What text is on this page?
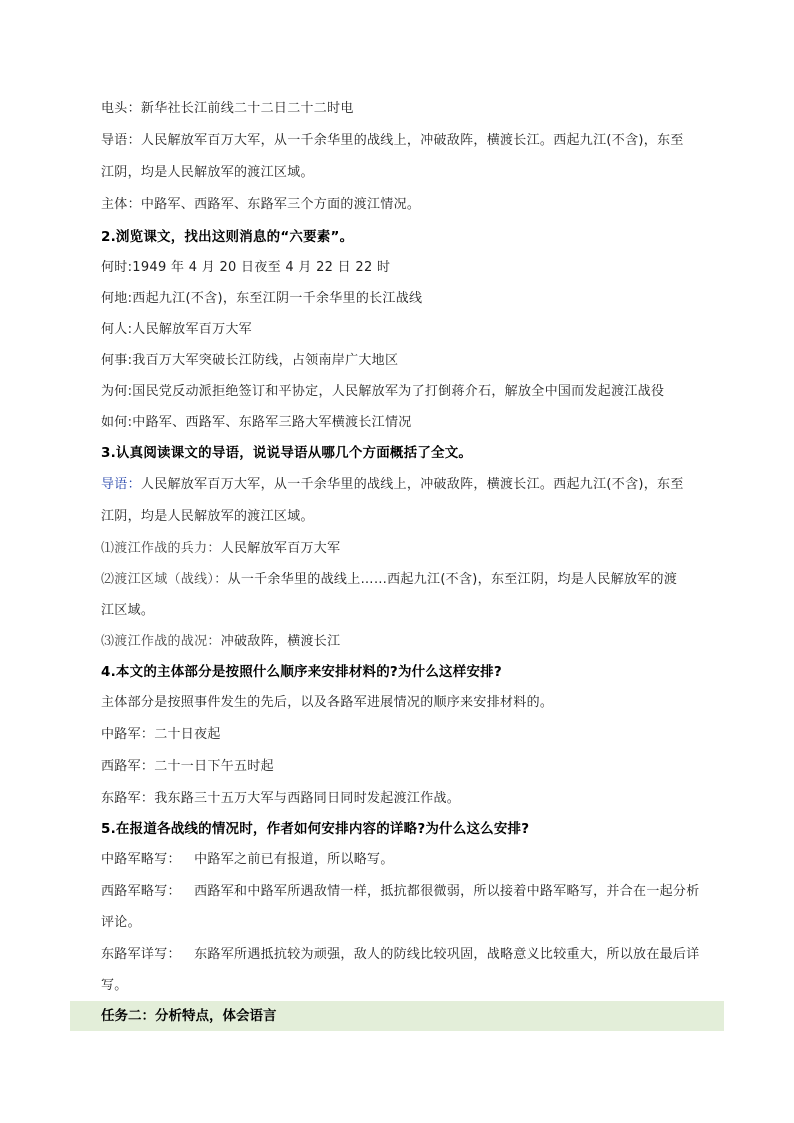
电头：新华社长江前线二十二日二十二时电
导语：人民解放军百万大军，从一千余华里的战线上，冲破敌阵，横渡长江。西起九江(不含)，东至
江阴，均是人民解放军的渡江区域。
主体：中路军、西路军、东路军三个方面的渡江情况。
2.浏览课文，找出这则消息的“六要素”。
何时:1949 年 4 月 20 日夜至 4 月 22 日 22 时
何地:西起九江(不含)，东至江阴一千余华里的长江战线
何人:人民解放军百万大军
何事:我百万大军突破长江防线，占领南岸广大地区
为何:国民党反动派拒绝签订和平协定，人民解放军为了打倒蒋介石，解放全中国而发起渡江战役
如何:中路军、西路军、东路军三路大军横渡长江情况
3.认真阅读课文的导语，说说导语从哪几个方面概括了全文。
导语：人民解放军百万大军，从一千余华里的战线上，冲破敌阵，横渡长江。西起九江(不含)，东至
江阴，均是人民解放军的渡江区域。
⑴渡江作战的兵力：人民解放军百万大军
⑵渡江区域（战线）：从一千余华里的战线上……西起九江(不含)，东至江阴，均是人民解放军的渡
江区域。
⑶渡江作战的战况：冲破敌阵，横渡长江
4.本文的主体部分是按照什么顺序来安排材料的?为什么这样安排?
主体部分是按照事件发生的先后，以及各路军进展情况的顺序来安排材料的。
中路军：二十日夜起
西路军：二十一日下午五时起
东路军：我东路三十五万大军与西路同日同时发起渡江作战。
5.在报道各战线的情况时，作者如何安排内容的详略?为什么这么安排?
中路军略写： 中路军之前已有报道，所以略写。
西路军略写： 西路军和中路军所遇敌情一样，抵抗都很微弱，所以接着中路军略写，并合在一起分析
评论。
东路军详写： 东路军所遇抵抗较为顽强，敌人的防线比较巩固，战略意义比较重大，所以放在最后详
写。
任务二：分析特点，体会语言
